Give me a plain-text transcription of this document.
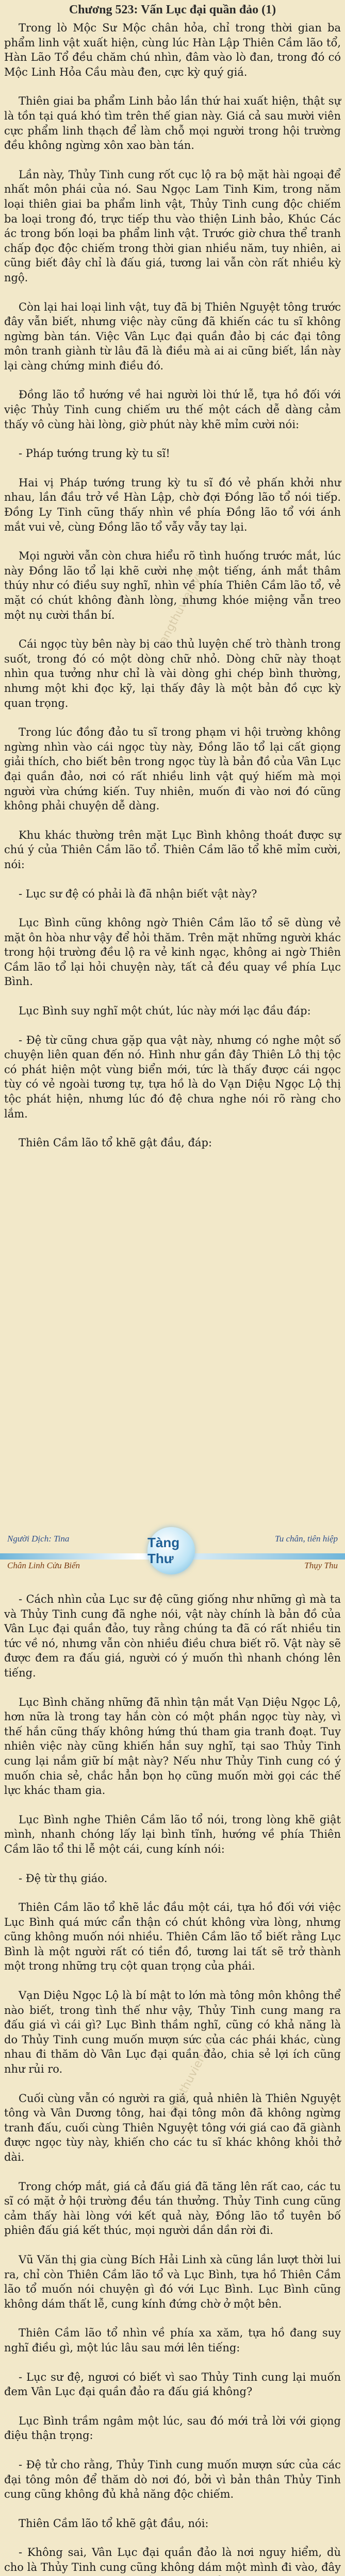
Chương 523: Vấn Lục đại quần đảo (1)
tangthuvien.vn
tangthuvien.vn

Trong lò Mộc Sư Mộc chân hỏa, chỉ trong thời gian ba phẩm linh vật xuất hiện, cùng lúc Hàn Lập Thiên Cầm lão tổ, Hàn Lão Tổ đều chăm chú nhìn, đâm vào lò đan, trong đó có Mộc Linh Hỏa Cầu màu đen, cực kỳ quý giá.

Thiên giai ba phẩm Linh bảo lần thứ hai xuất hiện, thật sự là tồn tại quá khó tìm trên thế gian này. Giá cả sau mười viên cực phẩm linh thạch để làm chỗ mọi người trong hội trường đều không ngừng xôn xao bàn tán.

Lần này, Thủy Tinh cung rốt cục lộ ra bộ mặt hài ngoại để nhất môn phái của nó. Sau Ngọc Lam Tinh Kim, trong năm loại thiên giai ba phẩm linh vật, Thủy Tinh cung độc chiếm ba loại trong đó, trực tiếp thu vào thiện Linh bảo, Khúc Các ác trong bốn loại ba phẩm linh vật. Trước giờ chưa thể tranh chấp đọc độc chiếm trong thời gian nhiều năm, tuy nhiên, ai cũng biết đây chỉ là đấu giá, tương lai vẫn còn rất nhiều kỳ ngộ.

Còn lại hai loại linh vật, tuy đã bị Thiên Nguyệt tông trước đây vẫn biết, nhưng việc này cũng đã khiến các tu sĩ không ngừng bàn tán. Việc Vân Lục đại quần đảo bị các đại tông môn tranh giành từ lâu đã là điều mà ai ai cũng biết, lần này lại càng chứng minh điều đó.

Đồng lão tổ hướng về hai người lòi thứ lễ, tựa hồ đối với việc Thủy Tinh cung chiếm ưu thế một cách dễ dàng cảm thấy vô cùng hài lòng, giờ phút này khẽ mỉm cười nói:

- Pháp tướng trung kỳ tu sĩ!

Hai vị Pháp tướng trung kỳ tu sĩ đó vẻ phấn khởi như nhau, lần đầu trở về Hàn Lập, chờ đợi Đồng lão tổ nói tiếp. Đồng Ly Tinh cũng thấy nhìn về phía Đồng lão tổ với ánh mắt vui vẻ, cùng Đồng lão tổ vẫy vẫy tay lại.

Mọi người vẫn còn chưa hiểu rõ tình huống trước mắt, lúc này Đồng lão tổ lại khẽ cười nhẹ một tiếng, ánh mắt thâm thúy như có điều suy nghĩ, nhìn về phía Thiên Cầm lão tổ, vẻ mặt có chút không đành lòng, nhưng khóe miệng vẫn treo một nụ cười thần bí.

Cái ngọc tùy bên này bị cao thủ luyện chế trò thành trong suốt, trong đó có một dòng chữ nhỏ. Dòng chữ này thoạt nhìn qua tưởng như chỉ là vài dòng ghi chép bình thường, nhưng một khi đọc kỹ, lại thấy đây là một bản đồ cực kỳ quan trọng.

Trong lúc đồng đảo tu sĩ trong phạm vi hội trường không ngừng nhìn vào cái ngọc tùy này, Đồng lão tổ lại cất giọng giải thích, cho biết bên trong ngọc tùy là bản đồ của Vân Lục đại quần đảo, nơi có rất nhiều linh vật quý hiếm mà mọi người vừa chứng kiến. Tuy nhiên, muốn đi vào nơi đó cũng không phải chuyện dễ dàng.

Khu khác thường trên mặt Lục Bình không thoát được sự chú ý của Thiên Cầm lão tổ. Thiên Cầm lão tổ khẽ mỉm cười, nói:

- Lục sư đệ có phải là đã nhận biết vật này?

Lục Bình cũng không ngờ Thiên Cầm lão tổ sẽ dùng vẻ mặt ôn hòa như vậy để hỏi thăm. Trên mặt những người khác trong hội trường đều lộ ra vẻ kinh ngạc, không ai ngờ Thiên Cầm lão tổ lại hỏi chuyện này, tất cả đều quay về phía Lục Bình.

Lục Bình suy nghĩ một chút, lúc này mới lạc đầu đáp:

- Đệ từ cũng chưa gặp qua vật này, nhưng có nghe một số chuyện liên quan đến nó. Hình như gần đây Thiên Lô thị tộc có phát hiện một vùng biển mới, tức là thấy được cái ngọc tùy có vẻ ngoài tương tự, tựa hồ là do Vạn Diệu Ngọc Lộ thị tộc phát hiện, nhưng lúc đó đệ chưa nghe nói rõ ràng cho lắm.

Thiên Cầm lão tổ khẽ gật đầu, đáp:

Người Dịch: Tina	Tu chân, tiên hiệp
Chân Linh Cửu Biến	Thụy Thu
Tàng Thư

- Cách nhìn của Lục sư đệ cũng giống như những gì mà ta và Thủy Tinh cung đã nghe nói, vật này chính là bản đồ của Vân Lục đại quần đảo, tuy rằng chúng ta đã có rất nhiều tin tức về nó, nhưng vẫn còn nhiều điều chưa biết rõ. Vật này sẽ được đem ra đấu giá, người có ý muốn thì nhanh chóng lên tiếng.

Lục Bình chăng những đã nhìn tận mắt Vạn Diệu Ngọc Lộ, hơn nữa là trong tay hắn còn có một phần ngọc tùy này, vì thế hắn cũng thấy không hứng thú tham gia tranh đoạt. Tuy nhiên việc này cũng khiến hắn suy nghĩ, tại sao Thủy Tinh cung lại nắm giữ bí mật này? Nếu như Thủy Tinh cung có ý muốn chia sẻ, chắc hẳn bọn họ cũng muốn mời gọi các thế lực khác tham gia.

Lục Bình nghe Thiên Cầm lão tổ nói, trong lòng khẽ giật mình, nhanh chóng lấy lại bình tĩnh, hướng về phía Thiên Cầm lão tổ thi lễ một cái, cung kính nói:

- Đệ từ thụ giáo.

Thiên Cầm lão tổ khẽ lắc đầu một cái, tựa hồ đối với việc Lục Bình quá mức cẩn thận có chút không vừa lòng, nhưng cũng không muốn nói nhiều. Thiên Cầm lão tổ biết rằng Lục Bình là một người rất có tiền đồ, tương lai tất sẽ trở thành một trong những trụ cột quan trọng của phái.

Vạn Diệu Ngọc Lộ là bí mật to lớn mà tông môn không thể nào biết, trong tình thế như vậy, Thủy Tinh cung mang ra đấu giá vì cái gì? Lục Bình thầm nghĩ, cũng có khả năng là do Thủy Tinh cung muốn mượn sức của các phái khác, cùng nhau đi thăm dò Vân Lục đại quần đảo, chia sẻ lợi ích cũng như rủi ro.

Cuối cùng vẫn có người ra giá, quả nhiên là Thiên Nguyệt tông và Vân Dương tông, hai đại tông môn đã không ngừng tranh đấu, cuối cùng Thiên Nguyệt tông với giá cao đã giành được ngọc tùy này, khiến cho các tu sĩ khác không khỏi thở dài.

Trong chớp mắt, giá cả đấu giá đã tăng lên rất cao, các tu sĩ có mặt ở hội trường đều tán thưởng. Thủy Tinh cung cũng cảm thấy hài lòng với kết quả này, Đồng lão tổ tuyên bố phiên đấu giá kết thúc, mọi người dần dần rời đi.

Vũ Văn thị gia cùng Bích Hải Linh xà cũng lần lượt thời lui ra, chỉ còn Thiên Cầm lão tổ và Lục Bình, tựa hồ Thiên Cầm lão tổ muốn nói chuyện gì đó với Lục Bình. Lục Bình cũng không dám thất lễ, cung kính đứng chờ ở một bên.

Thiên Cầm lão tổ nhìn về phía xa xăm, tựa hồ đang suy nghĩ điều gì, một lúc lâu sau mới lên tiếng:

- Lục sư đệ, ngươi có biết vì sao Thủy Tinh cung lại muốn đem Vân Lục đại quần đảo ra đấu giá không?

Lục Bình trầm ngâm một lúc, sau đó mới trả lời với giọng điệu thận trọng:

- Đệ tử cho rằng, Thủy Tinh cung muốn mượn sức của các đại tông môn để thăm dò nơi đó, bởi vì bản thân Thủy Tinh cung cũng không đủ khả năng độc chiếm.

Thiên Cầm lão tổ khẽ gật đầu, nói:

- Không sai, Vân Lục đại quần đảo là nơi nguy hiểm, dù cho là Thủy Tinh cung cũng không dám một mình đi vào, đây
